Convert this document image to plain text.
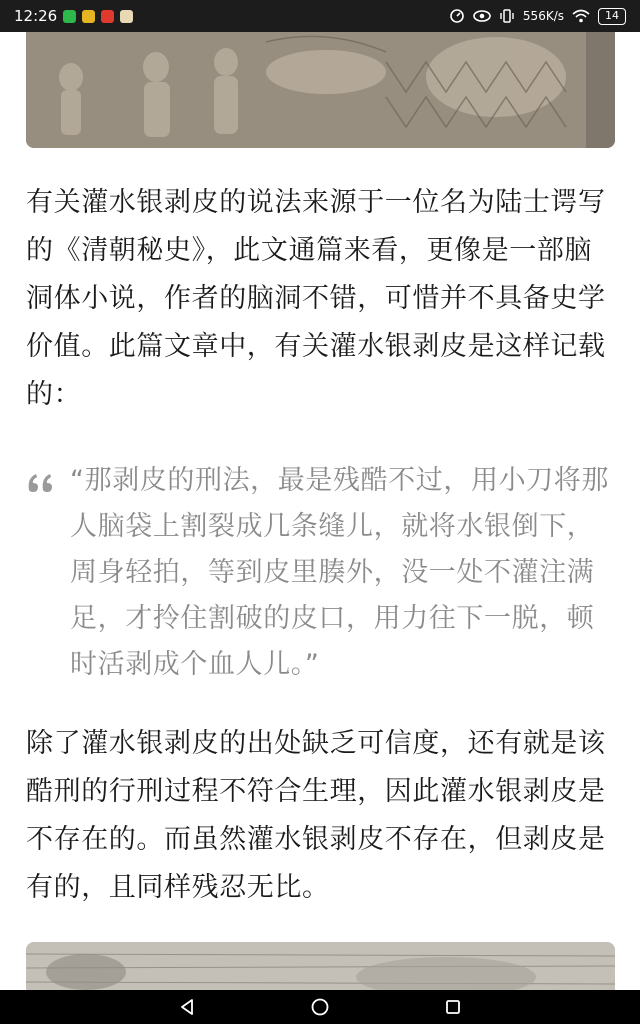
12:26	556K/s	14
有关灌水银剥皮的说法来源于一位名为陆士谔写的《清朝秘史》，此文通篇来看，更像是一部脑洞体小说，作者的脑洞不错，可惜并不具备史学价值。此篇文章中，有关灌水银剥皮是这样记载的：
“那剥皮的刑法，最是残酷不过，用小刀将那人脑袋上割裂成几条缝儿，就将水银倒下，周身轻拍，等到皮里腠外，没一处不灌注满足，才拎住割破的皮口，用力往下一脱，顿时活剥成个血人儿。”
除了灌水银剥皮的出处缺乏可信度，还有就是该酷刑的行刑过程不符合生理，因此灌水银剥皮是不存在的。而虽然灌水银剥皮不存在，但剥皮是有的，且同样残忍无比。
